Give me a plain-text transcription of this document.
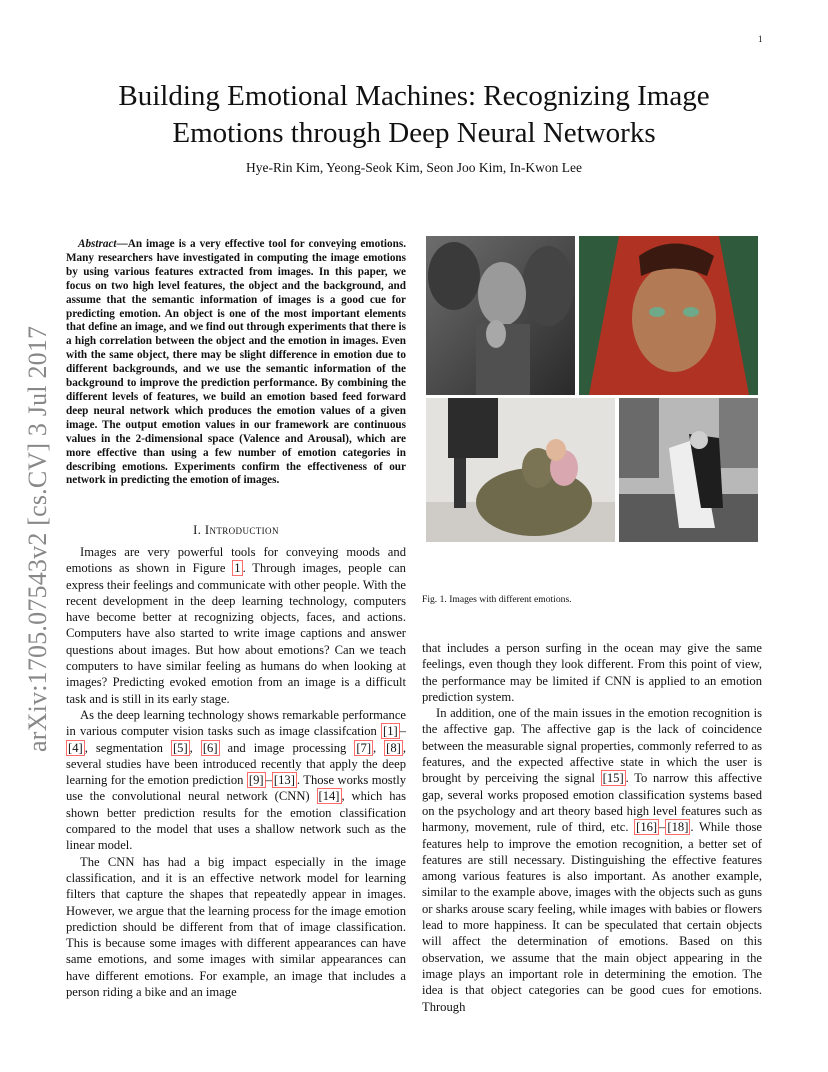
1
arXiv:1705.07543v2 [cs.CV] 3 Jul 2017
Building Emotional Machines: Recognizing Image
Emotions through Deep Neural Networks
Hye-Rin Kim, Yeong-Seok Kim, Seon Joo Kim, In-Kwon Lee

Abstract—An image is a very effective tool for conveying emotions. Many researchers have investigated in computing the image emotions by using various features extracted from images. In this paper, we focus on two high level features, the object and the background, and assume that the semantic information of images is a good cue for predicting emotion. An object is one of the most important elements that define an image, and we find out through experiments that there is a high correlation between the object and the emotion in images. Even with the same object, there may be slight difference in emotion due to different backgrounds, and we use the semantic information of the background to improve the prediction performance. By combining the different levels of features, we build an emotion based feed forward deep neural network which produces the emotion values of a given image. The output emotion values in our framework are continuous values in the 2-dimensional space (Valence and Arousal), which are more effective than using a few number of emotion categories in describing emotions. Experiments confirm the effectiveness of our network in predicting the emotion of images.

I. Introduction

Images are very powerful tools for conveying moods and emotions as shown in Figure 1 . Through images, people can express their feelings and communicate with other people. With the recent development in the deep learning technology, computers have become better at recognizing objects, faces, and actions. Computers have also started to write image captions and answer questions about images. But how about emotions? Can we teach computers to have similar feeling as humans do when looking at images? Predicting evoked emotion from an image is a difficult task and is still in its early stage.

As the deep learning technology shows remarkable performance in various computer vision tasks such as image classifcation [1] –[4] , segmentation [5] , [6] and image processing [7] , [8] , several studies have been introduced recently that apply the deep learning for the emotion prediction [9] – [13] . Those works mostly use the convolutional neural network (CNN) [14] , which has shown better prediction results for the emotion classification compared to the model that uses a shallow network such as the linear model.

The CNN has had a big impact especially in the image classification, and it is an effective network model for learning filters that capture the shapes that repeatedly appear in images. However, we argue that the learning process for the image emotion prediction should be different from that of image classification. This is because some images with different appearances can have same emotions, and some images with similar appearances can have different emotions. For example, an image that includes a person riding a bike and an image

Fig. 1. Images with different emotions.

that includes a person surfing in the ocean may give the same feelings, even though they look different. From this point of view, the performance may be limited if CNN is applied to an emotion prediction system.

In addition, one of the main issues in the emotion recognition is the affective gap. The affective gap is the lack of coincidence between the measurable signal properties, commonly referred to as features, and the expected affective state in which the user is brought by perceiving the signal [15] . To narrow this affective gap, several works proposed emotion classification systems based on the psychology and art theory based high level features such as harmony, movement, rule of third, etc. [16] – [18] . While those features help to improve the emotion recognition, a better set of features are still necessary. Distinguishing the effective features among various features is also important. As another example, similar to the example above, images with the objects such as guns or sharks arouse scary feeling, while images with babies or flowers lead to more happiness. It can be speculated that certain objects will affect the determination of emotions. Based on this observation, we assume that the main object appearing in the image plays an important role in determining the emotion. The idea is that object categories can be good cues for emotions. Through
